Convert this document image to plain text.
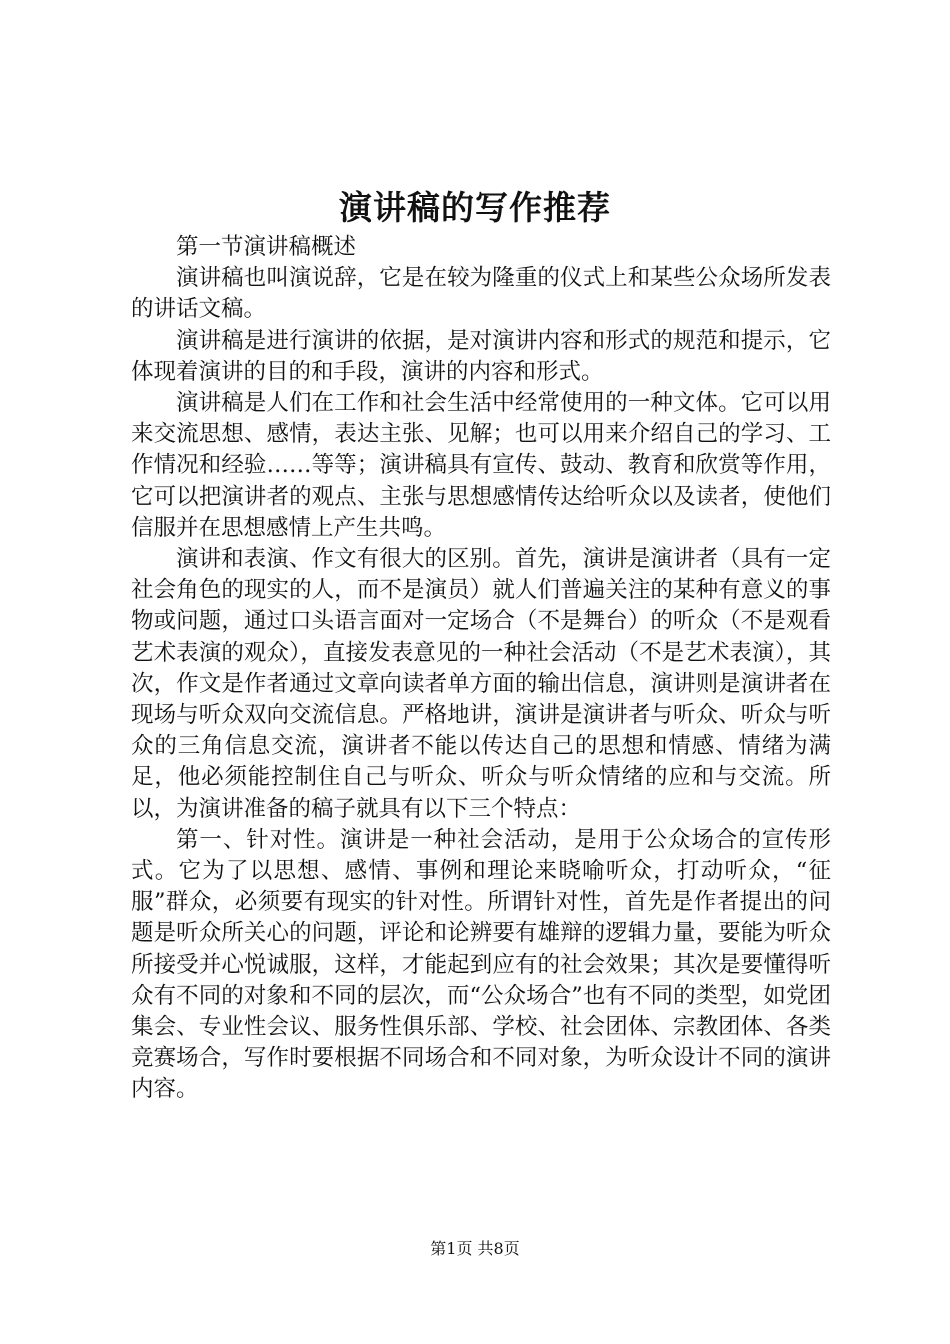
演讲稿的写作推荐

第一节演讲稿概述

演讲稿也叫演说辞，它是在较为隆重的仪式上和某些公众场所发表的讲话文稿。

演讲稿是进行演讲的依据，是对演讲内容和形式的规范和提示，它体现着演讲的目的和手段，演讲的内容和形式。

演讲稿是人们在工作和社会生活中经常使用的一种文体。它可以用来交流思想、感情，表达主张、见解；也可以用来介绍自己的学习、工作情况和经验……等等；演讲稿具有宣传、鼓动、教育和欣赏等作用，它可以把演讲者的观点、主张与思想感情传达给听众以及读者，使他们信服并在思想感情上产生共鸣。

演讲和表演、作文有很大的区别。首先，演讲是演讲者（具有一定社会角色的现实的人，而不是演员）就人们普遍关注的某种有意义的事物或问题，通过口头语言面对一定场合（不是舞台）的听众（不是观看艺术表演的观众），直接发表意见的一种社会活动（不是艺术表演），其次，作文是作者通过文章向读者单方面的输出信息，演讲则是演讲者在现场与听众双向交流信息。严格地讲，演讲是演讲者与听众、听众与听众的三角信息交流，演讲者不能以传达自己的思想和情感、情绪为满足，他必须能控制住自己与听众、听众与听众情绪的应和与交流。所以，为演讲准备的稿子就具有以下三个特点：

第一、针对性。演讲是一种社会活动，是用于公众场合的宣传形式。它为了以思想、感情、事例和理论来晓喻听众，打动听众，“征服”群众，必须要有现实的针对性。所谓针对性，首先是作者提出的问题是听众所关心的问题，评论和论辨要有雄辩的逻辑力量，要能为听众所接受并心悦诚服，这样，才能起到应有的社会效果；其次是要懂得听众有不同的对象和不同的层次，而“公众场合”也有不同的类型，如党团集会、专业性会议、服务性俱乐部、学校、社会团体、宗教团体、各类竞赛场合，写作时要根据不同场合和不同对象，为听众设计不同的演讲内容。

第1页 共8页
